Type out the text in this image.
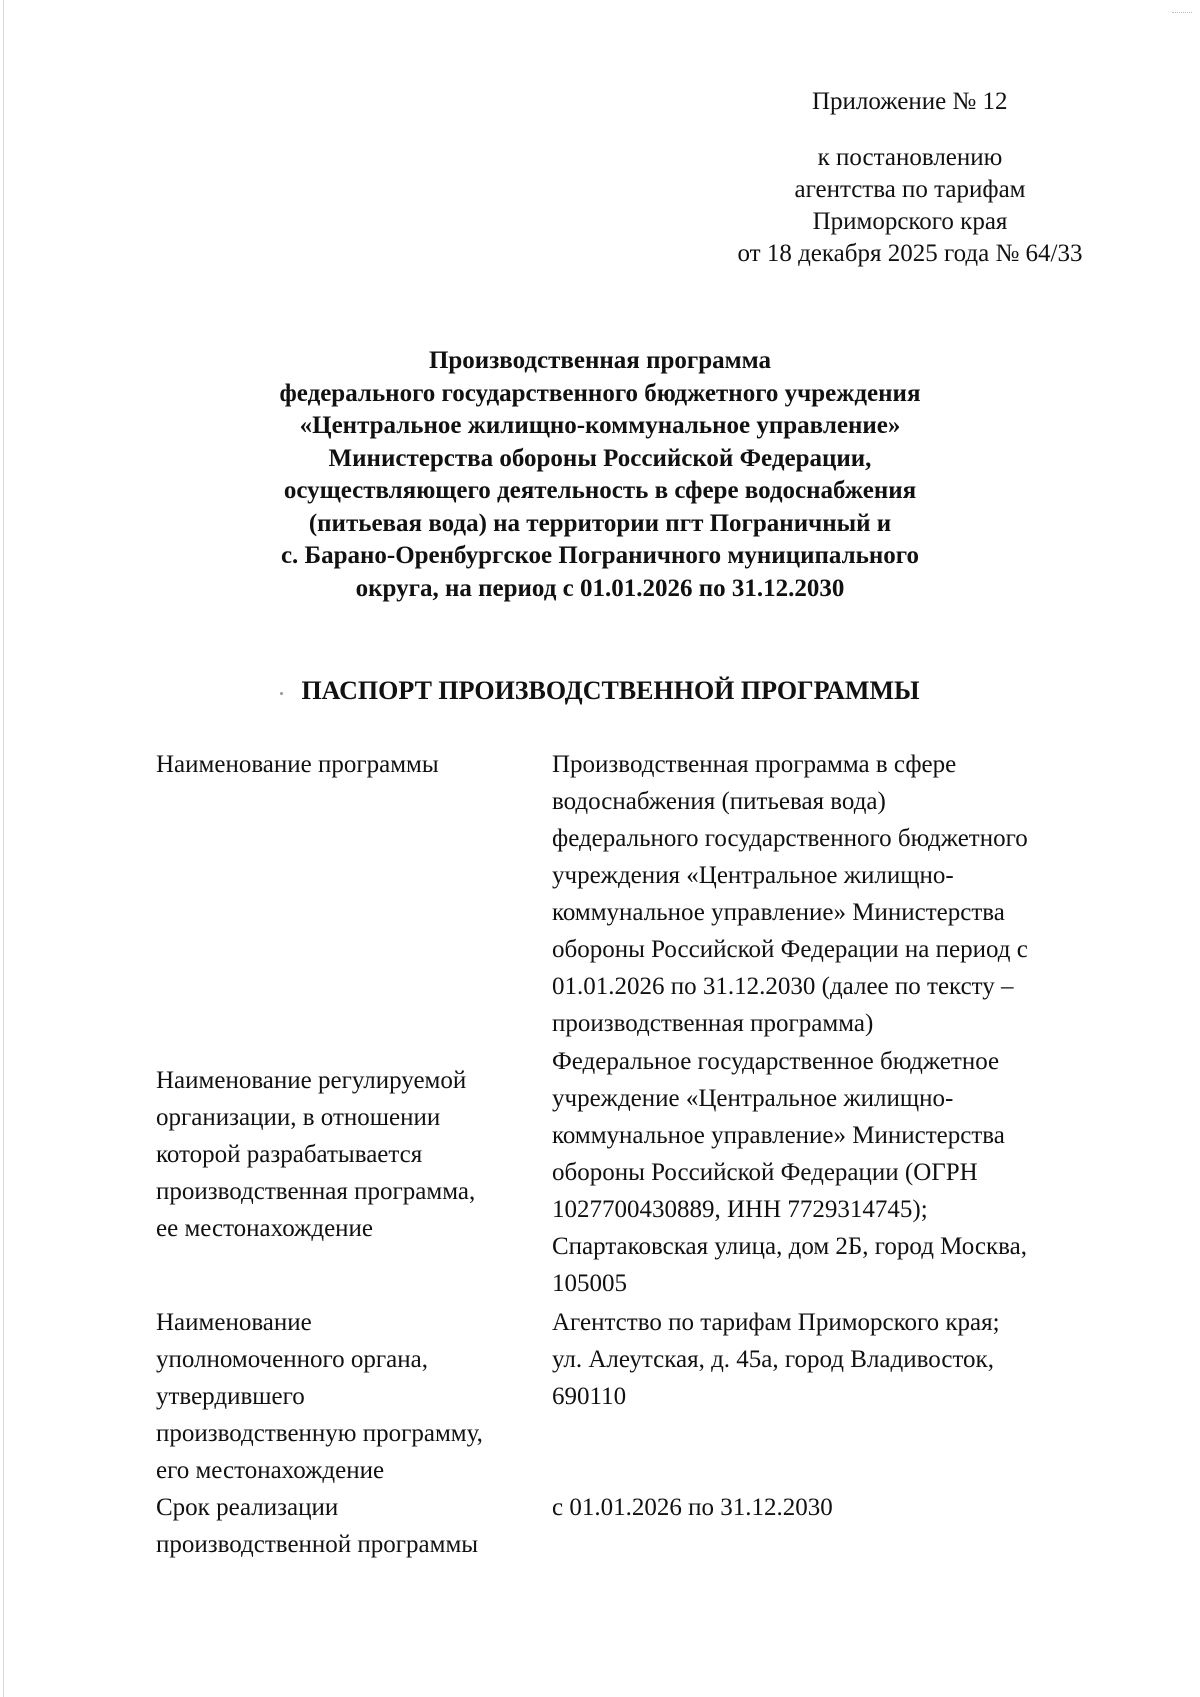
Приложение № 12
к постановлению
агентства по тарифам
Приморского края
от 18 декабря 2025 года № 64/33
Производственная программа
федерального государственного бюджетного учреждения
«Центральное жилищно-коммунальное управление»
Министерства обороны Российской Федерации,
осуществляющего деятельность в сфере водоснабжения
(питьевая вода) на территории пгт Пограничный и
с. Барано-Оренбургское Пограничного муниципального
округа, на период с 01.01.2026 по 31.12.2030
ПАСПОРТ ПРОИЗВОДСТВЕННОЙ ПРОГРАММЫ
Наименование программы	Производственная программа в сфере
водоснабжения (питьевая вода)
федерального государственного бюджетного
учреждения «Центральное жилищно-
коммунальное управление» Министерства
обороны Российской Федерации на период с
01.01.2026 по 31.12.2030 (далее по тексту –
производственная программа)
Наименование регулируемой
организации, в отношении
которой разрабатывается
производственная программа,
ее местонахождение
Федеральное государственное бюджетное
учреждение «Центральное жилищно-
коммунальное управление» Министерства
обороны Российской Федерации (ОГРН
1027700430889, ИНН 7729314745);
Спартаковская улица, дом 2Б, город Москва,
105005
Наименование
уполномоченного органа,
утвердившего
производственную программу,
его местонахождение
Агентство по тарифам Приморского края;
ул. Алеутская, д. 45а, город Владивосток,
690110
Срок реализации
производственной программы
с 01.01.2026 по 31.12.2030
